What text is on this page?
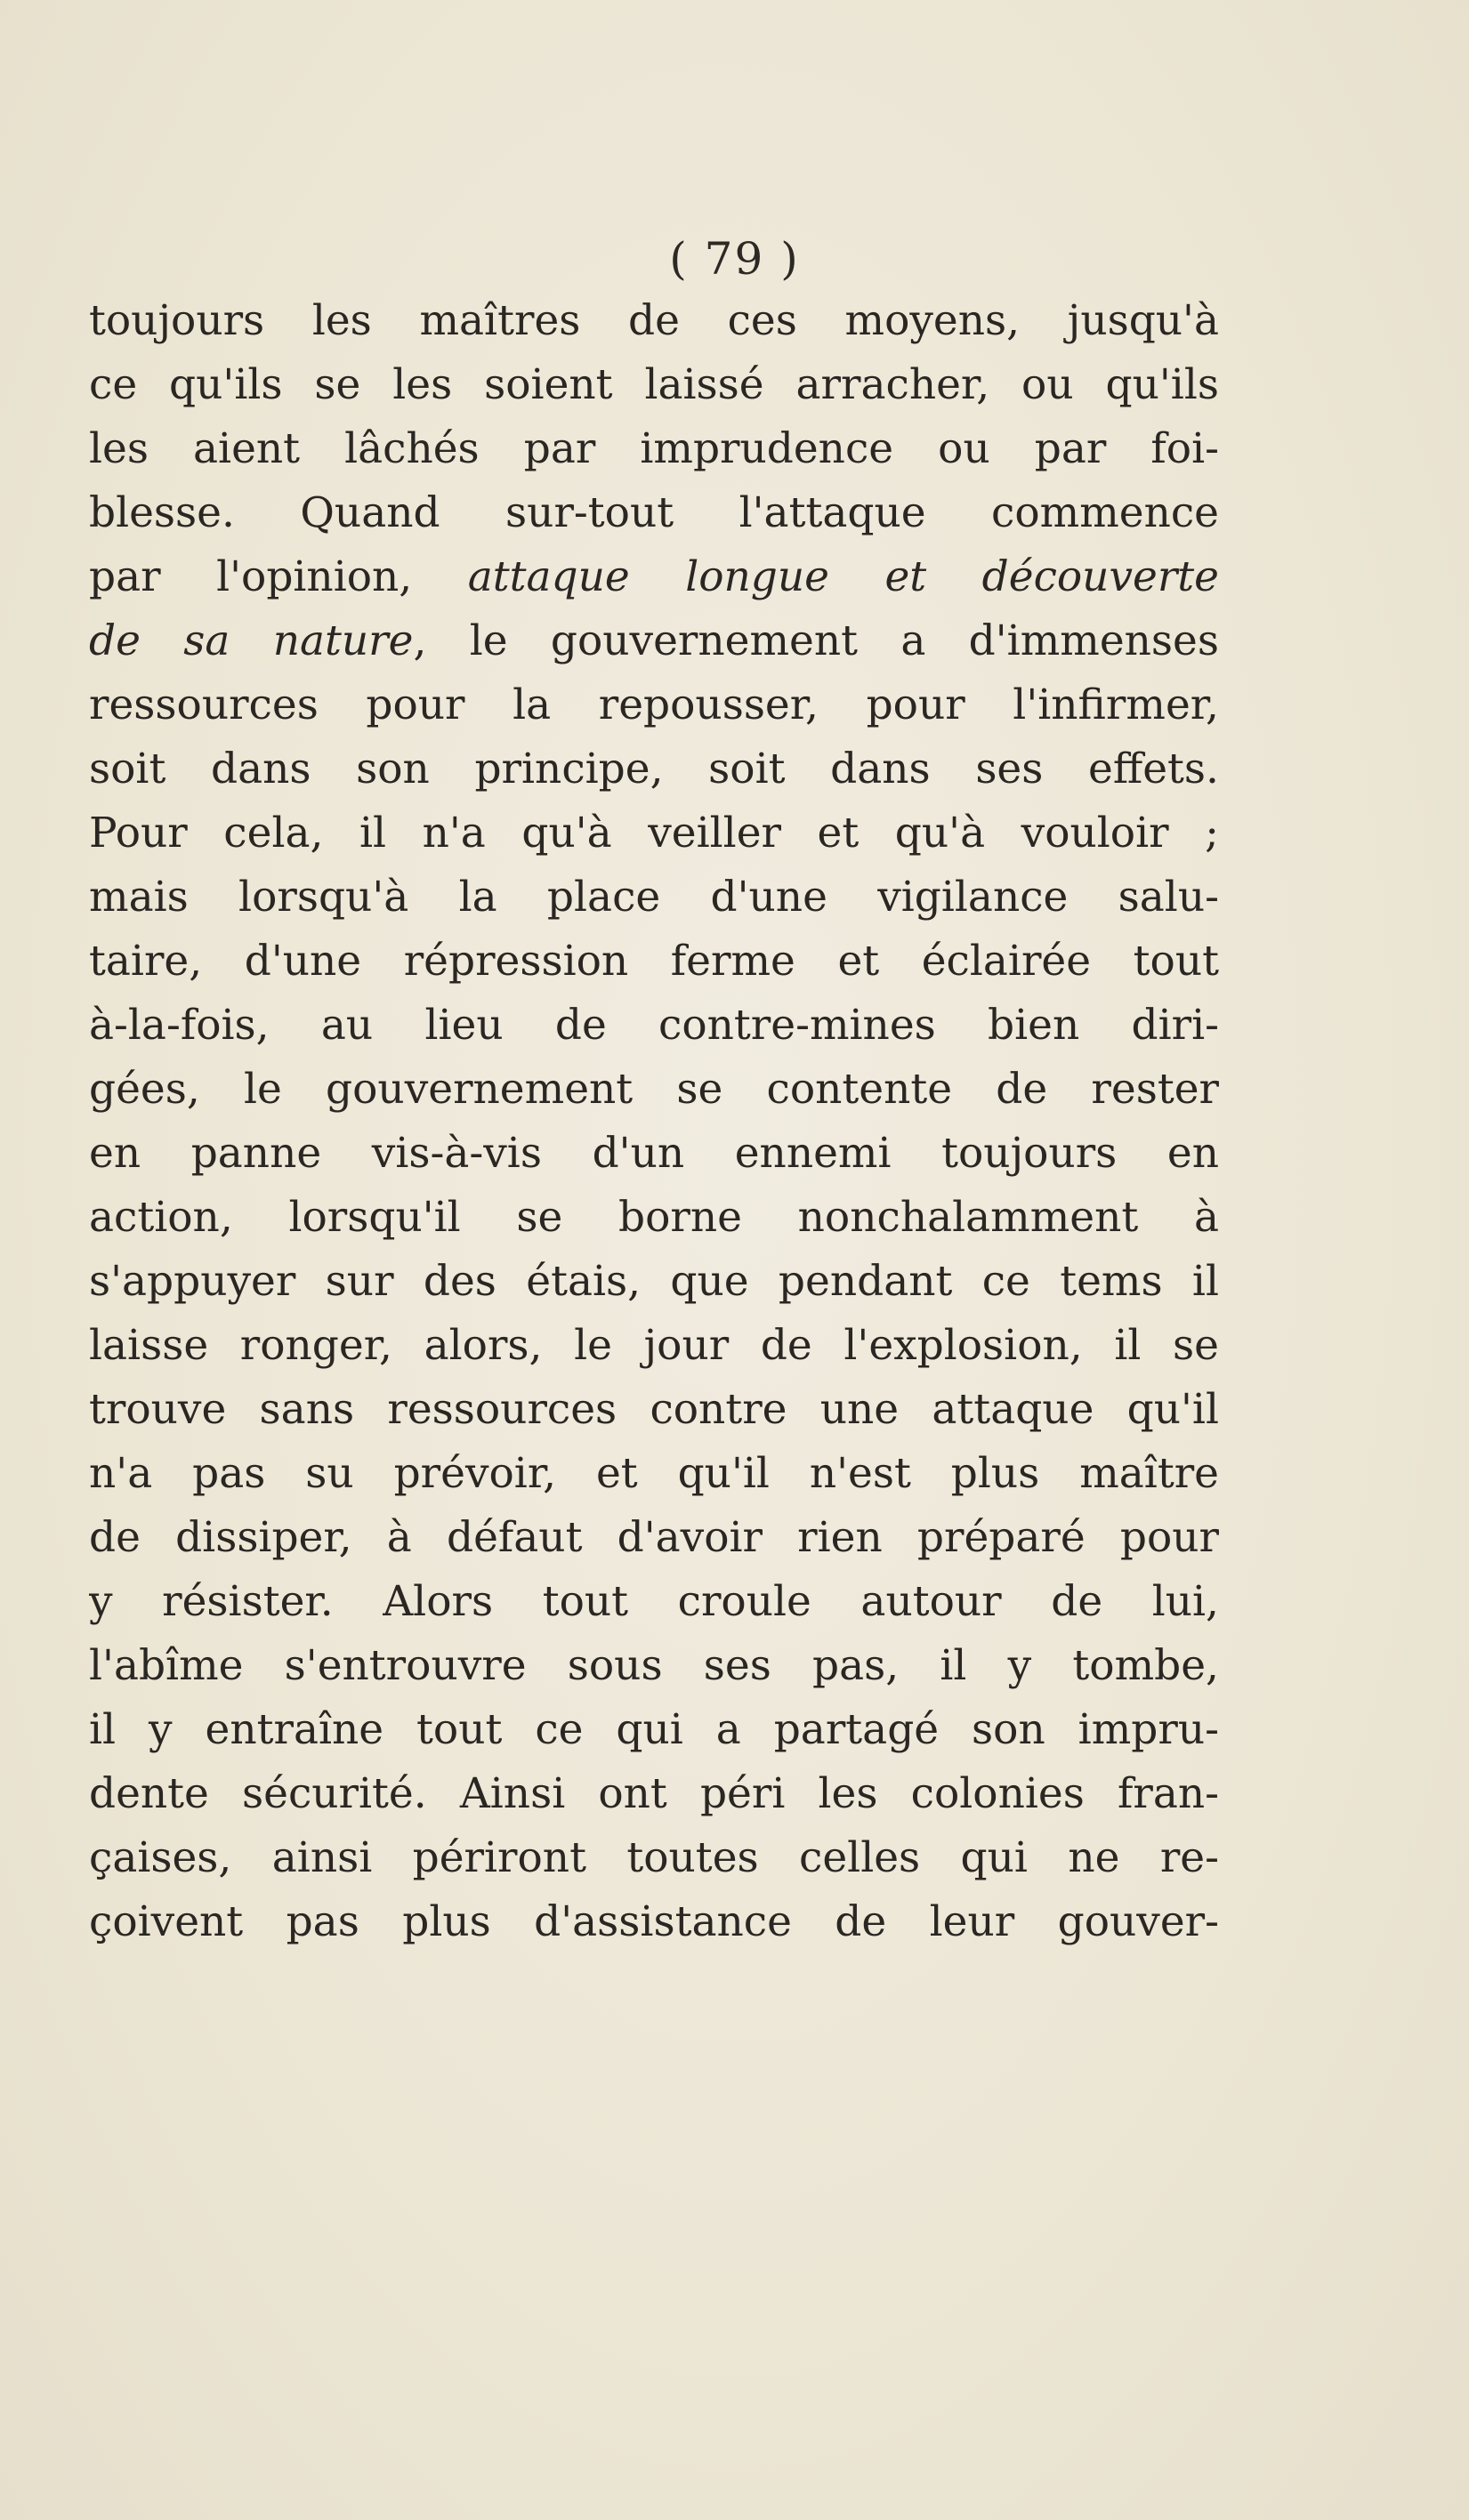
( 79 )
toujours les maîtres de ces moyens, jusqu'à
ce qu'ils se les soient laissé arracher, ou qu'ils
les aient lâchés par imprudence ou par foi-
blesse. Quand sur-tout l'attaque commence
par l'opinion, attaque longue et découverte
de sa nature, le gouvernement a d'immenses
ressources pour la repousser, pour l'infirmer,
soit dans son principe, soit dans ses effets.
Pour cela, il n'a qu'à veiller et qu'à vouloir ;
mais lorsqu'à la place d'une vigilance salu-
taire, d'une répression ferme et éclairée tout
à-la-fois, au lieu de contre-mines bien diri-
gées, le gouvernement se contente de rester
en panne vis-à-vis d'un ennemi toujours en
action, lorsqu'il se borne nonchalamment à
s'appuyer sur des étais, que pendant ce tems il
laisse ronger, alors, le jour de l'explosion, il se
trouve sans ressources contre une attaque qu'il
n'a pas su prévoir, et qu'il n'est plus maître
de dissiper, à défaut d'avoir rien préparé pour
y résister. Alors tout croule autour de lui,
l'abîme s'entrouvre sous ses pas, il y tombe,
il y entraîne tout ce qui a partagé son impru-
dente sécurité. Ainsi ont péri les colonies fran-
çaises, ainsi périront toutes celles qui ne re-
çoivent pas plus d'assistance de leur gouver-
